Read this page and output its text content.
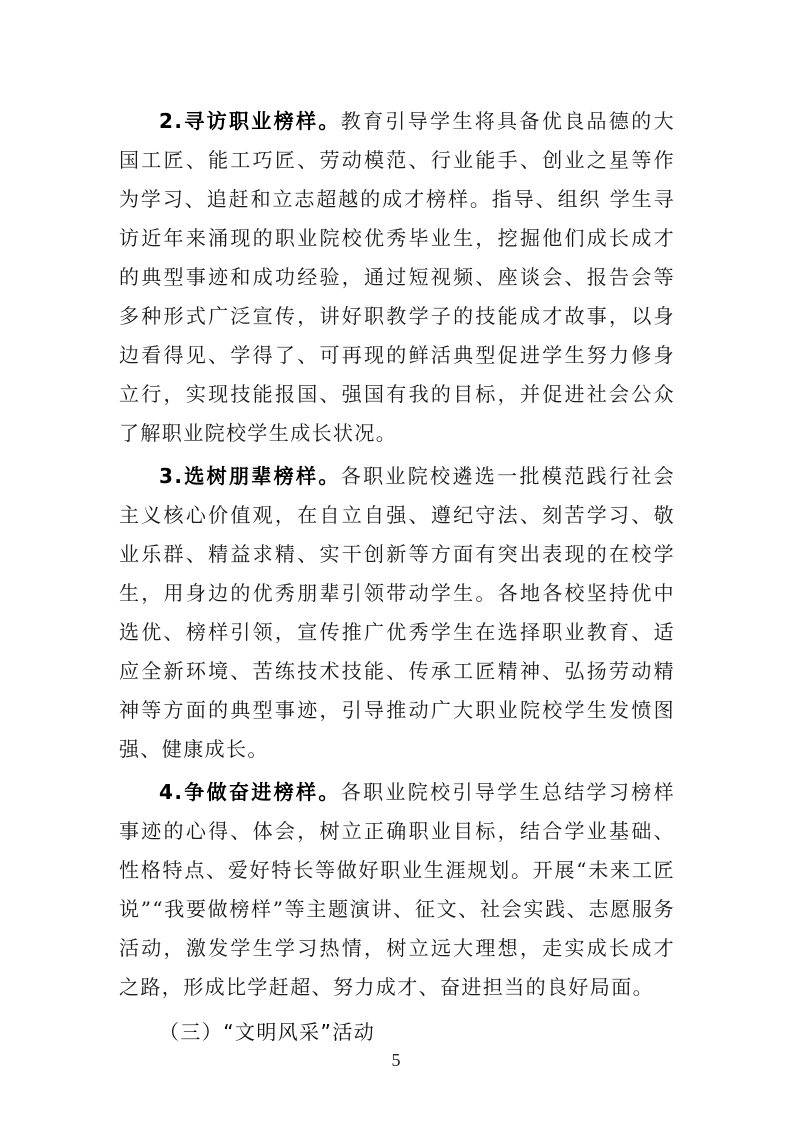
2.寻访职业榜样。教育引导学生将具备优良品德的大国工匠、能工巧匠、劳动模范、行业能手、创业之星等作为学习、追赶和立志超越的成才榜样。指导、组织 学生寻访近年来涌现的职业院校优秀毕业生，挖掘他们成长成才的典型事迹和成功经验，通过短视频、座谈会、报告会等多种形式广泛宣传，讲好职教学子的技能成才故事，以身边看得见、学得了、可再现的鲜活典型促进学生努力修身立行，实现技能报国、强国有我的目标，并促进社会公众了解职业院校学生成长状况。

3.选树朋辈榜样。各职业院校遴选一批模范践行社会主义核心价值观，在自立自强、遵纪守法、刻苦学习、敬业乐群、精益求精、实干创新等方面有突出表现的在校学生，用身边的优秀朋辈引领带动学生。各地各校坚持优中选优、榜样引领，宣传推广优秀学生在选择职业教育、适应全新环境、苦练技术技能、传承工匠精神、弘扬劳动精神等方面的典型事迹，引导推动广大职业院校学生发愤图强、健康成长。

4.争做奋进榜样。各职业院校引导学生总结学习榜样事迹的心得、体会，树立正确职业目标，结合学业基础、性格特点、爱好特长等做好职业生涯规划。开展“未来工匠说”“我要做榜样”等主题演讲、征文、社会实践、志愿服务活动，激发学生学习热情，树立远大理想，走实成长成才之路，形成比学赶超、努力成才、奋进担当的良好局面。

（三）“文明风采”活动

5
